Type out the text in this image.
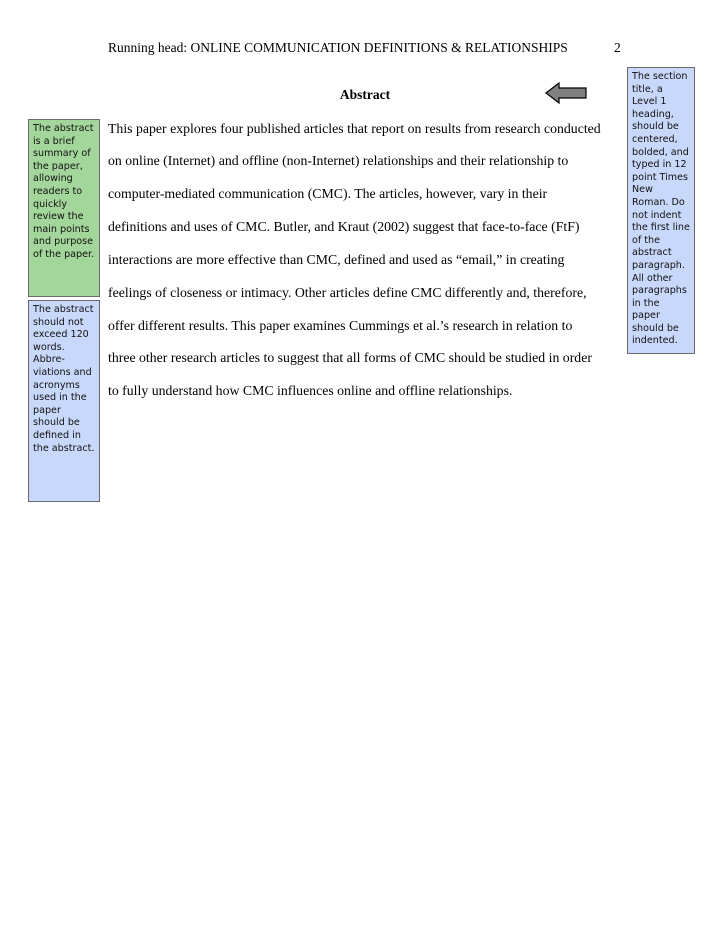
Running head: ONLINE COMMUNICATION DEFINITIONS & RELATIONSHIPS	2
Abstract
This paper explores four published articles that report on results from research conducted
on online (Internet) and offline (non-Internet) relationships and their relationship to
computer-mediated communication (CMC). The articles, however, vary in their
definitions and uses of CMC. Butler, and Kraut (2002) suggest that face-to-face (FtF)
interactions are more effective than CMC, defined and used as “email,” in creating
feelings of closeness or intimacy. Other articles define CMC differently and, therefore,
offer different results. This paper examines Cummings et al.’s research in relation to
three other research articles to suggest that all forms of CMC should be studied in order
to fully understand how CMC influences online and offline relationships.
The abstract is a brief summary of the paper, allowing readers to quickly review the main points and purpose of the paper.
The abstract should not exceed 120 words. Abbre-viations and acronyms used in the paper should be defined in the abstract.
The section title, a Level 1 heading, should be centered, bolded, and typed in 12 point Times New Roman. Do not indent the first line of the abstract paragraph. All other paragraphs in the paper should be indented.
